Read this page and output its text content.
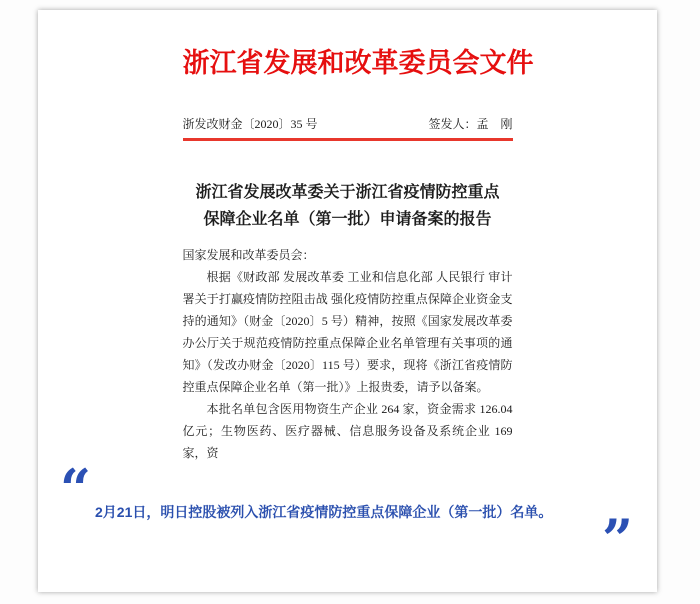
浙江省发展和改革委员会文件
浙发改财金〔2020〕35 号	签发人：孟　刚
浙江省发展改革委关于浙江省疫情防控重点
保障企业名单（第一批）申请备案的报告

国家发展和改革委员会：

根据《财政部 发展改革委 工业和信息化部 人民银行 审计署关于打赢疫情防控阻击战 强化疫情防控重点保障企业资金支持的通知》（财金〔2020〕5 号）精神，按照《国家发展改革委办公厅关于规范疫情防控重点保障企业名单管理有关事项的通知》（发改办财金〔2020〕115 号）要求，现将《浙江省疫情防控重点保障企业名单（第一批）》上报贵委，请予以备案。

本批名单包含医用物资生产企业 264 家，资金需求 126.04 亿元；生物医药、医疗器械、信息服务设备及系统企业 169 家，资

“ 2月21日，明日控股被列入浙江省疫情防控重点保障企业（第一批）名单。 ”
